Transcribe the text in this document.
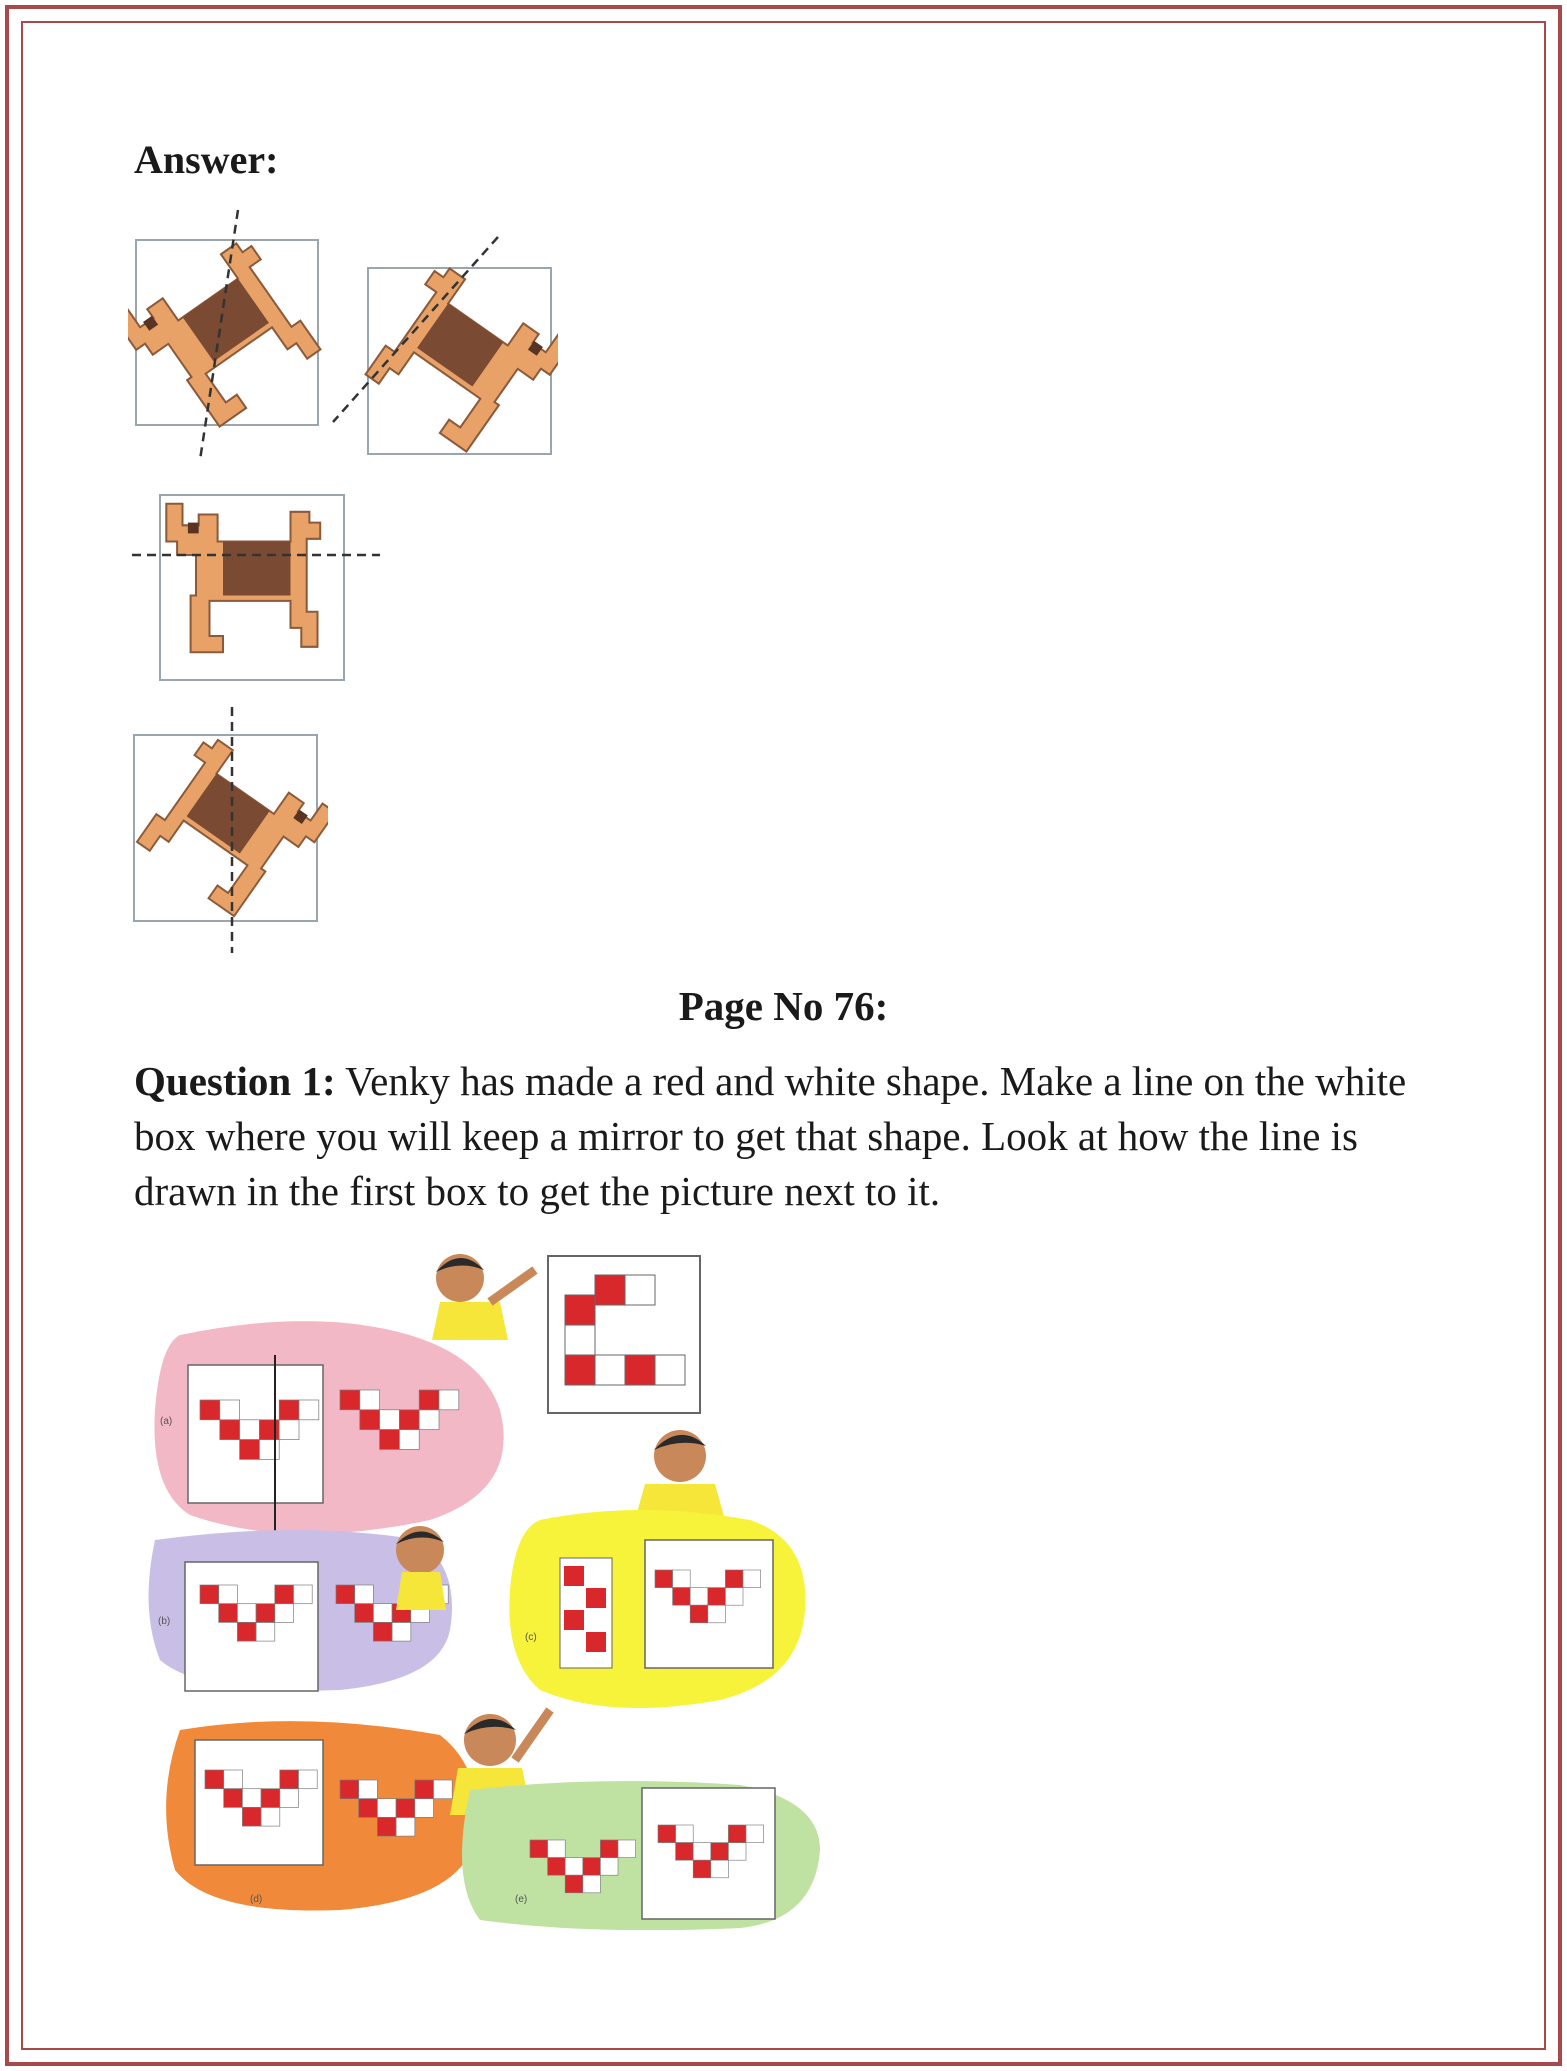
Answer:
Page No 76:

Question 1: Venky has made a red and white shape. Make a line on the white box where you will keep a mirror to get that shape. Look at how the line is drawn in the first box to get the picture next to it.

(a)
(b)
(c)
(d)	(e)
